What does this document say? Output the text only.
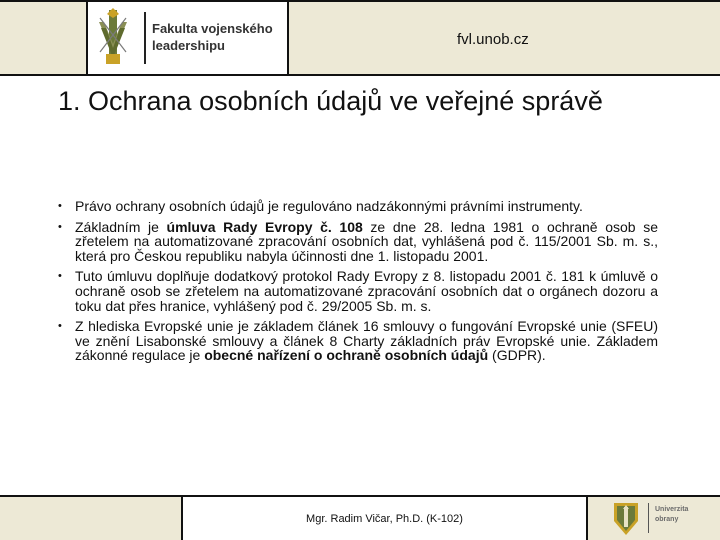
Fakulta vojenského
leadershipu	fvl.unob.cz
1. Ochrana osobních údajů ve veřejné správě
• Právo ochrany osobních údajů je regulováno nadzákonnými právními instrumenty.
• Základním je úmluva Rady Evropy č. 108 ze dne 28. ledna 1981 o ochraně osob se zřetelem na automatizované zpracování osobních dat, vyhlášená pod č. 115/2001 Sb. m. s., která pro Českou republiku nabyla účinnosti dne 1. listopadu 2001.
• Tuto úmluvu doplňuje dodatkový protokol Rady Evropy z 8. listopadu 2001 č. 181 k úmluvě o ochraně osob se zřetelem na automatizované zpracování osobních dat o orgánech dozoru a toku dat přes hranice, vyhlášený pod č. 29/2005 Sb. m. s.
• Z hlediska Evropské unie je základem článek 16 smlouvy o fungování Evropské unie (SFEU) ve znění Lisabonské smlouvy a článek 8 Charty základních práv Evropské unie. Základem zákonné regulace je obecné nařízení o ochraně osobních údajů (GDPR).
Mgr. Radim Vičar, Ph.D. (K-102)
Univerzita
obrany
